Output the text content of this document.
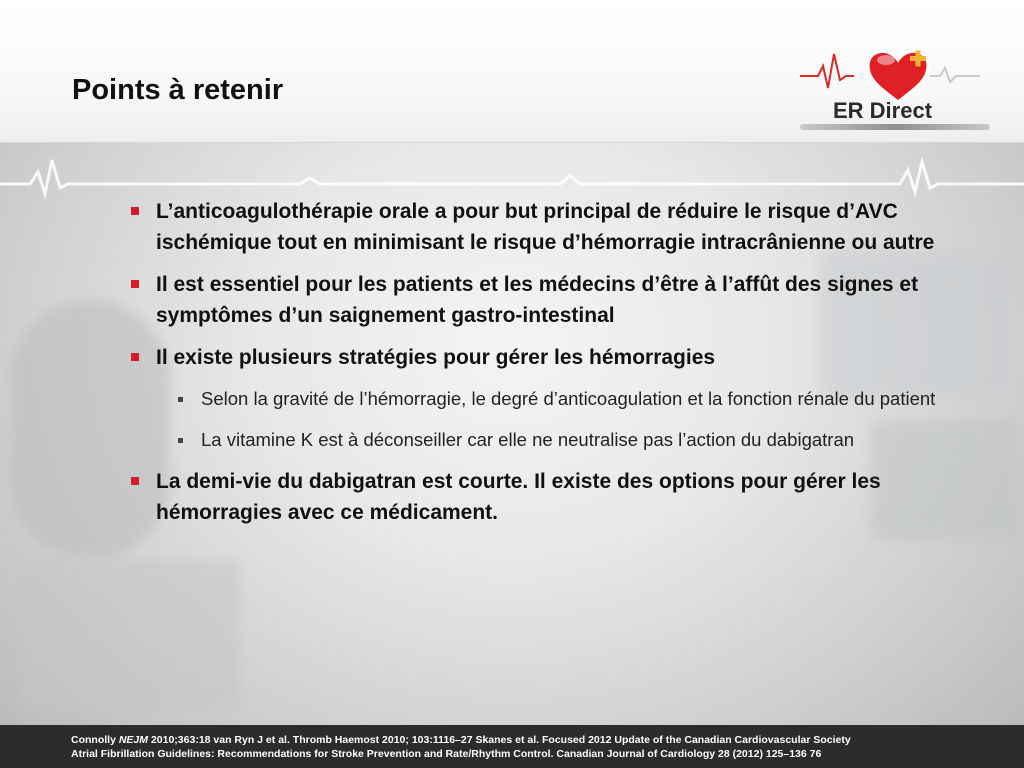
Points à retenir
ER Direct
L’anticoagulothérapie orale a pour but principal de réduire le risque d’AVC ischémique tout en minimisant le risque d’hémorragie intracrânienne ou autre
Il est essentiel pour les patients et les médecins d’être à l’affût des signes et symptômes d’un saignement gastro-intestinal
Il existe plusieurs stratégies pour gérer les hémorragies
Selon la gravité de l’hémorragie, le degré d’anticoagulation et la fonction rénale du patient
La vitamine K est à déconseiller car elle ne neutralise pas l’action du dabigatran
La demi-vie du dabigatran est courte. Il existe des options pour gérer les hémorragies avec ce médicament.
Connolly NEJM 2010;363:18 van Ryn J et al. Thromb Haemost 2010; 103:1116–27 Skanes et al. Focused 2012 Update of the Canadian Cardiovascular Society
Atrial Fibrillation Guidelines: Recommendations for Stroke Prevention and Rate/Rhythm Control. Canadian Journal of Cardiology 28 (2012) 125–136 76
